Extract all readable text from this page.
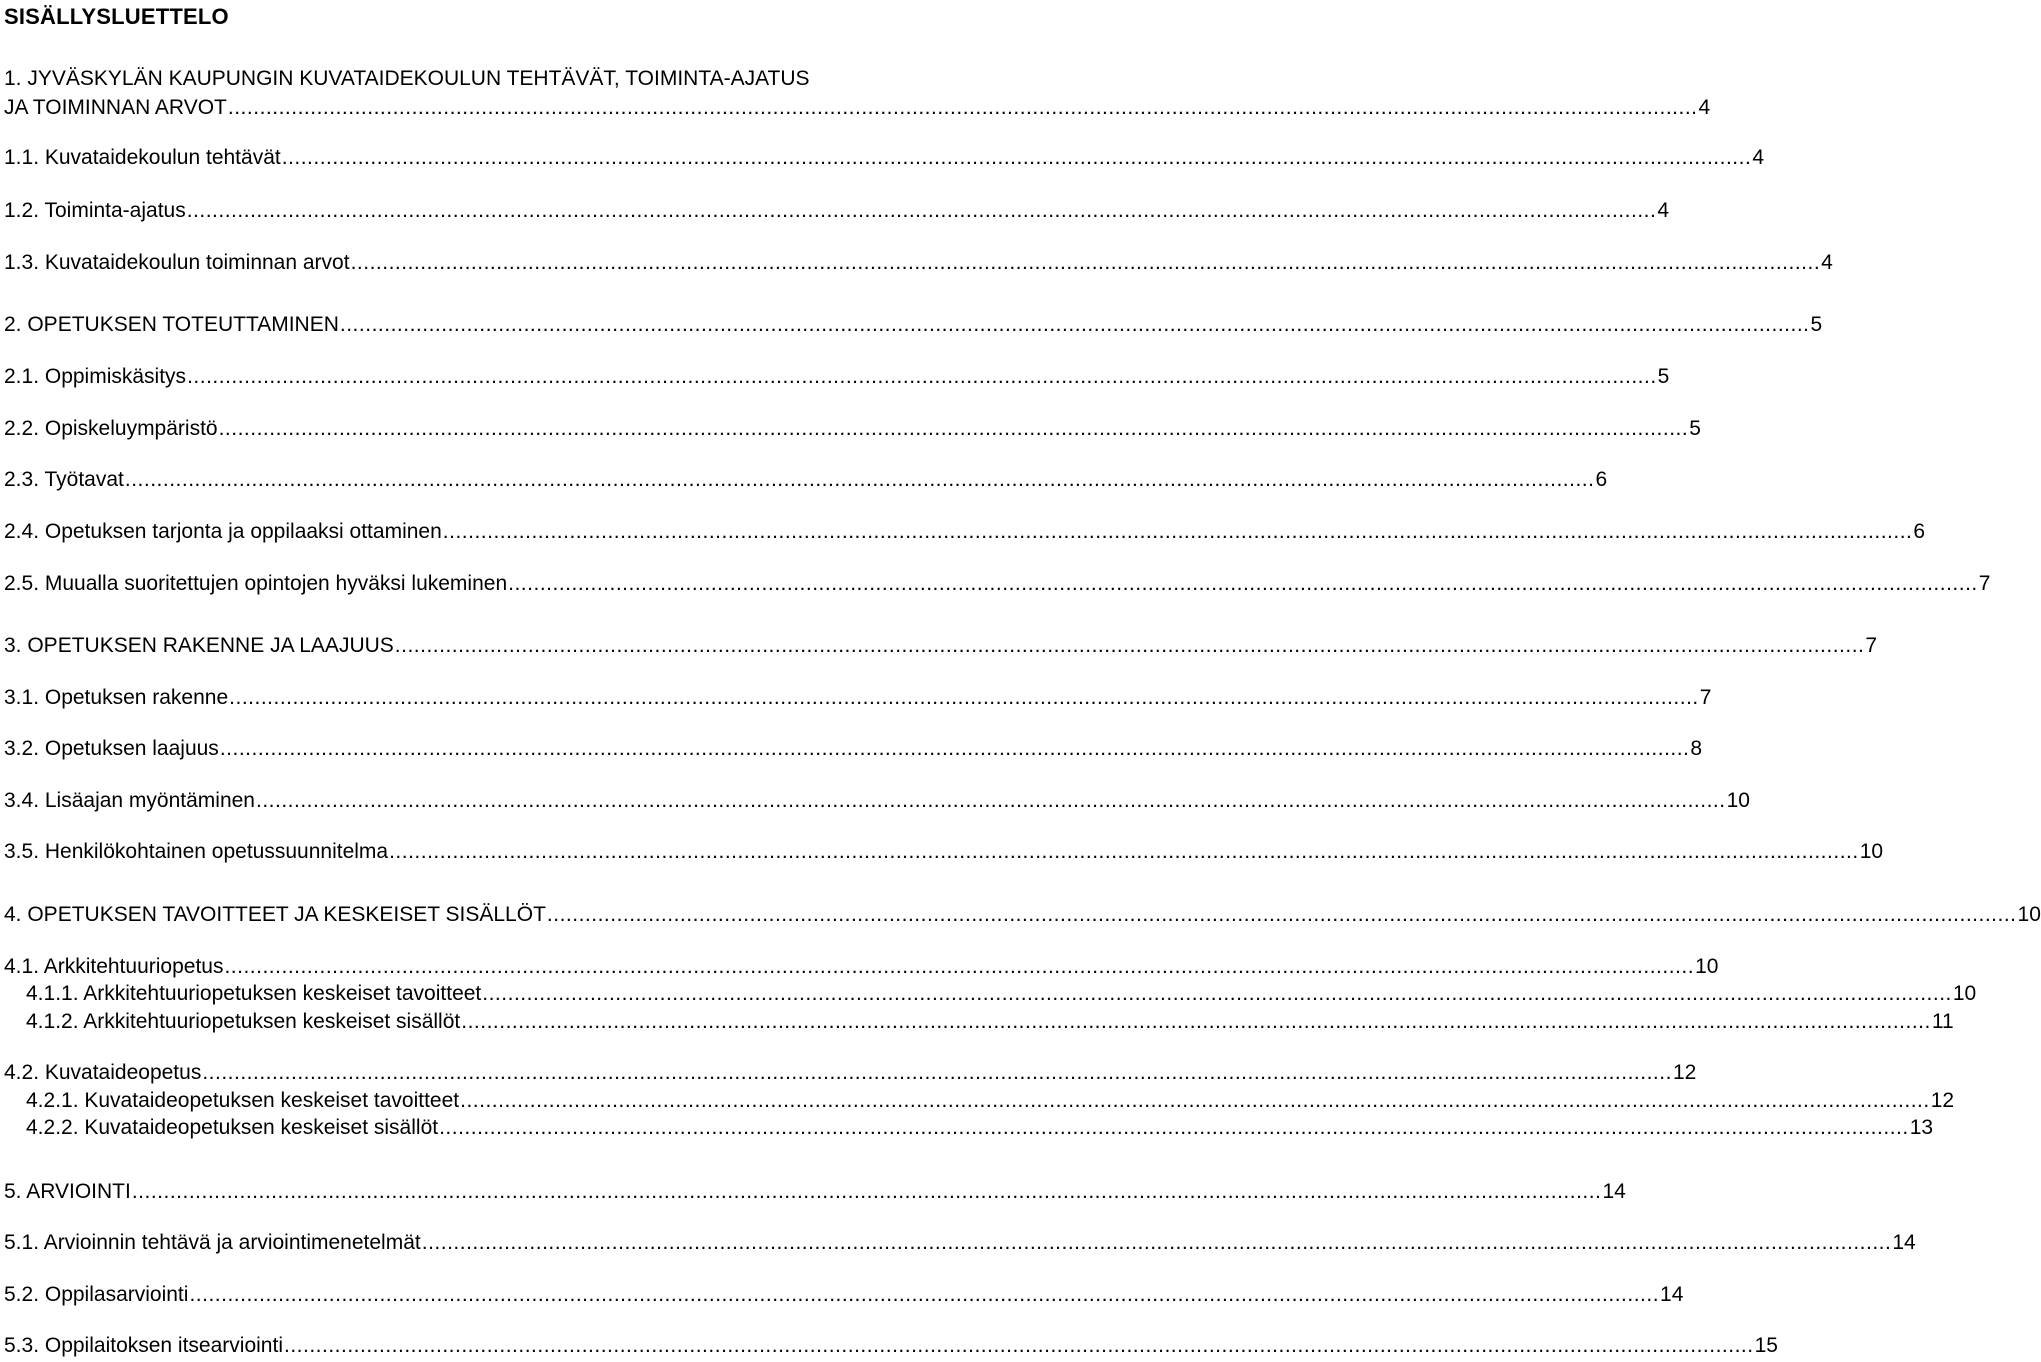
SISÄLLYSLUETTELO
1. JYVÄSKYLÄN KAUPUNGIN KUVATAIDEKOULUN TEHTÄVÄT, TOIMINTA-AJATUS
JA TOIMINNAN ARVOT .....	4
1.1. Kuvataidekoulun tehtävät .....	4
1.2. Toiminta-ajatus .....	4
1.3. Kuvataidekoulun toiminnan arvot .....	4
2. OPETUKSEN TOTEUTTAMINEN .....	5
2.1. Oppimiskäsitys .....	5
2.2. Opiskeluympäristö .....	5
2.3. Työtavat .....	6
2.4. Opetuksen tarjonta ja oppilaaksi ottaminen .....	6
2.5. Muualla suoritettujen opintojen hyväksi lukeminen .....	7
3. OPETUKSEN RAKENNE JA LAAJUUS .....	7
3.1. Opetuksen rakenne .....	7
3.2. Opetuksen laajuus .....	8
3.4. Lisäajan myöntäminen .....	10
3.5. Henkilökohtainen opetussuunnitelma .....	10
4. OPETUKSEN TAVOITTEET JA KESKEISET SISÄLLÖT .....	10
4.1. Arkkitehtuuriopetus .....	10
4.1.1. Arkkitehtuuriopetuksen keskeiset tavoitteet .....	10
4.1.2. Arkkitehtuuriopetuksen keskeiset sisällöt .....	11
4.2. Kuvataideopetus .....	12
4.2.1. Kuvataideopetuksen keskeiset tavoitteet .....	12
4.2.2. Kuvataideopetuksen keskeiset sisällöt .....	13
5. ARVIOINTI .....	14
5.1. Arvioinnin tehtävä ja arviointimenetelmät .....	14
5.2. Oppilasarviointi .....	14
5.3. Oppilaitoksen itsearviointi .....	15
